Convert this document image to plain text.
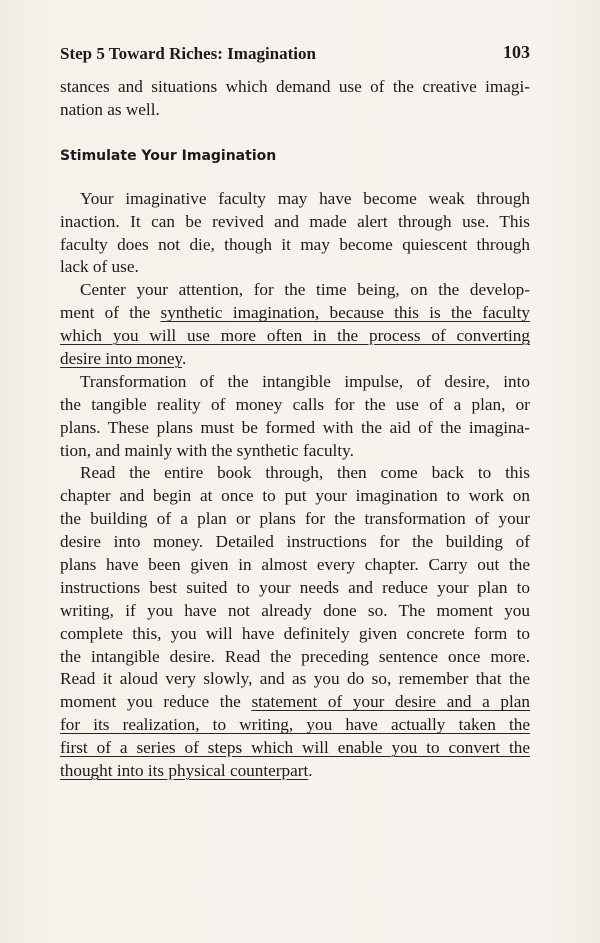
Step 5 Toward Riches: Imagination	103
stances and situations which demand use of the creative imagi-
nation as well.
Stimulate Your Imagination
Your imaginative faculty may have become weak through
inaction. It can be revived and made alert through use. This
faculty does not die, though it may become quiescent through
lack of use.
Center your attention, for the time being, on the develop-
ment of the synthetic imagination, because this is the faculty
which you will use more often in the process of converting
desire into money.
Transformation of the intangible impulse, of desire, into
the tangible reality of money calls for the use of a plan, or
plans. These plans must be formed with the aid of the imagina-
tion, and mainly with the synthetic faculty.
Read the entire book through, then come back to this
chapter and begin at once to put your imagination to work on
the building of a plan or plans for the transformation of your
desire into money. Detailed instructions for the building of
plans have been given in almost every chapter. Carry out the
instructions best suited to your needs and reduce your plan to
writing, if you have not already done so. The moment you
complete this, you will have definitely given concrete form to
the intangible desire. Read the preceding sentence once more.
Read it aloud very slowly, and as you do so, remember that the
moment you reduce the statement of your desire and a plan
for its realization, to writing, you have actually taken the
first of a series of steps which will enable you to convert the
thought into its physical counterpart.
